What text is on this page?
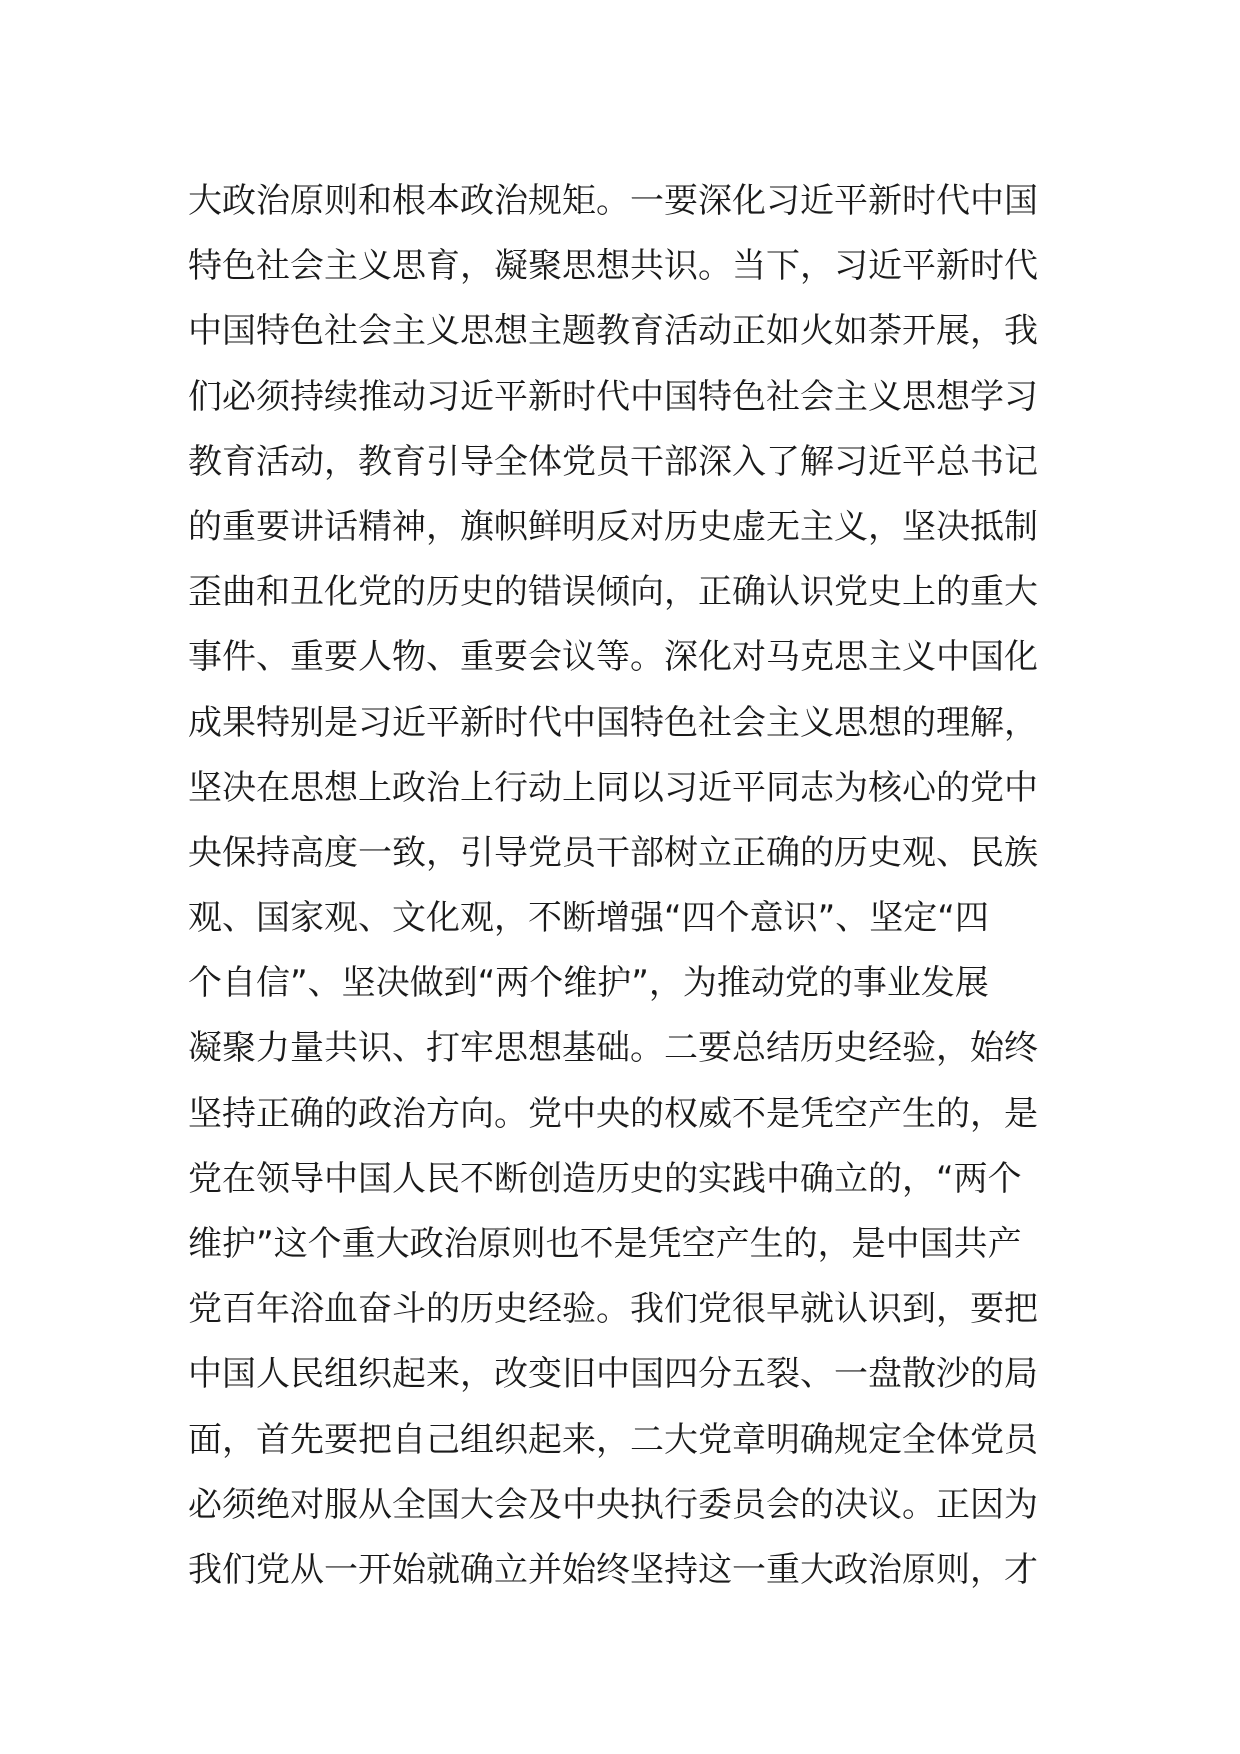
大政治原则和根本政治规矩。一要深化习近平新时代中国
特色社会主义思育，凝聚思想共识。当下，习近平新时代
中国特色社会主义思想主题教育活动正如火如荼开展，我
们必须持续推动习近平新时代中国特色社会主义思想学习
教育活动，教育引导全体党员干部深入了解习近平总书记
的重要讲话精神，旗帜鲜明反对历史虚无主义，坚决抵制
歪曲和丑化党的历史的错误倾向，正确认识党史上的重大
事件、重要人物、重要会议等。深化对马克思主义中国化
成果特别是习近平新时代中国特色社会主义思想的理解，
坚决在思想上政治上行动上同以习近平同志为核心的党中
央保持高度一致，引导党员干部树立正确的历史观、民族
观、国家观、文化观，不断增强“四个意识”、坚定“四
个自信”、坚决做到“两个维护”，为推动党的事业发展
凝聚力量共识、打牢思想基础。二要总结历史经验，始终
坚持正确的政治方向。党中央的权威不是凭空产生的，是
党在领导中国人民不断创造历史的实践中确立的，“两个
维护”这个重大政治原则也不是凭空产生的，是中国共产
党百年浴血奋斗的历史经验。我们党很早就认识到，要把
中国人民组织起来，改变旧中国四分五裂、一盘散沙的局
面，首先要把自己组织起来，二大党章明确规定全体党员
必须绝对服从全国大会及中央执行委员会的决议。正因为
我们党从一开始就确立并始终坚持这一重大政治原则，才
